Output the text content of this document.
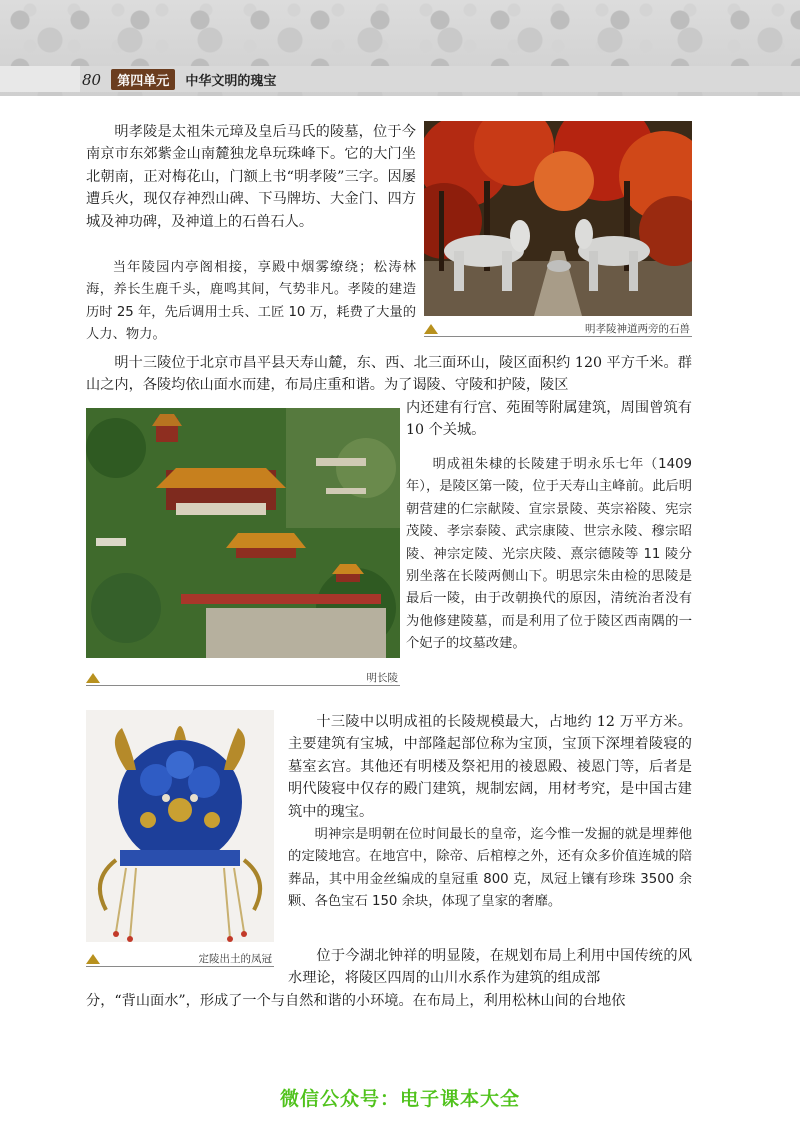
80 第四单元 中华文明的瑰宝

明孝陵是太祖朱元璋及皇后马氏的陵墓，位于今南京市东郊紫金山南麓独龙阜玩珠峰下。它的大门坐北朝南，正对梅花山，门额上书“明孝陵”三字。因屡遭兵火，现仅存神烈山碑、下马牌坊、大金门、四方城及神功碑，及神道上的石兽石人。

当年陵园内亭阁相接，享殿中烟雾缭绕；松涛林海，养长生鹿千头，鹿鸣其间，气势非凡。孝陵的建造历时 25 年，先后调用士兵、工匠 10 万，耗费了大量的人力、物力。	明孝陵神道两旁的石兽

明十三陵位于北京市昌平县天寿山麓，东、西、北三面环山，陵区面积约 120 平方千米。群山之内，各陵均依山面水而建，布局庄重和谐。为了谒陵、守陵和护陵，陵区

内还建有行宫、苑囿等附属建筑，周围曾筑有 10 个关城。

明长陵

明成祖朱棣的长陵建于明永乐七年（1409 年），是陵区第一陵，位于天寿山主峰前。此后明朝营建的仁宗献陵、宣宗景陵、英宗裕陵、宪宗茂陵、孝宗泰陵、武宗康陵、世宗永陵、穆宗昭陵、神宗定陵、光宗庆陵、熹宗德陵等 11 陵分别坐落在长陵两侧山下。明思宗朱由检的思陵是最后一陵，由于改朝换代的原因，清统治者没有为他修建陵墓，而是利用了位于陵区西南隅的一个妃子的坟墓改建。

定陵出土的凤冠

十三陵中以明成祖的长陵规模最大，占地约 12 万平方米。主要建筑有宝城，中部隆起部位称为宝顶，宝顶下深埋着陵寝的墓室玄宫。其他还有明楼及祭祀用的祾恩殿、祾恩门等，后者是明代陵寝中仅存的殿门建筑，规制宏阔，用材考究，是中国古建筑中的瑰宝。

明神宗是明朝在位时间最长的皇帝，迄今惟一发掘的就是埋葬他的定陵地宫。在地宫中，除帝、后棺椁之外，还有众多价值连城的陪葬品，其中用金丝编成的皇冠重 800 克，凤冠上镶有珍珠 3500 余颗、各色宝石 150 余块，体现了皇家的奢靡。

位于今湖北钟祥的明显陵，在规划布局上利用中国传统的风水理论，将陵区四周的山川水系作为建筑的组成部

分，“背山面水”，形成了一个与自然和谐的小环境。在布局上，利用松林山间的台地依

微信公众号：电子课本大全
